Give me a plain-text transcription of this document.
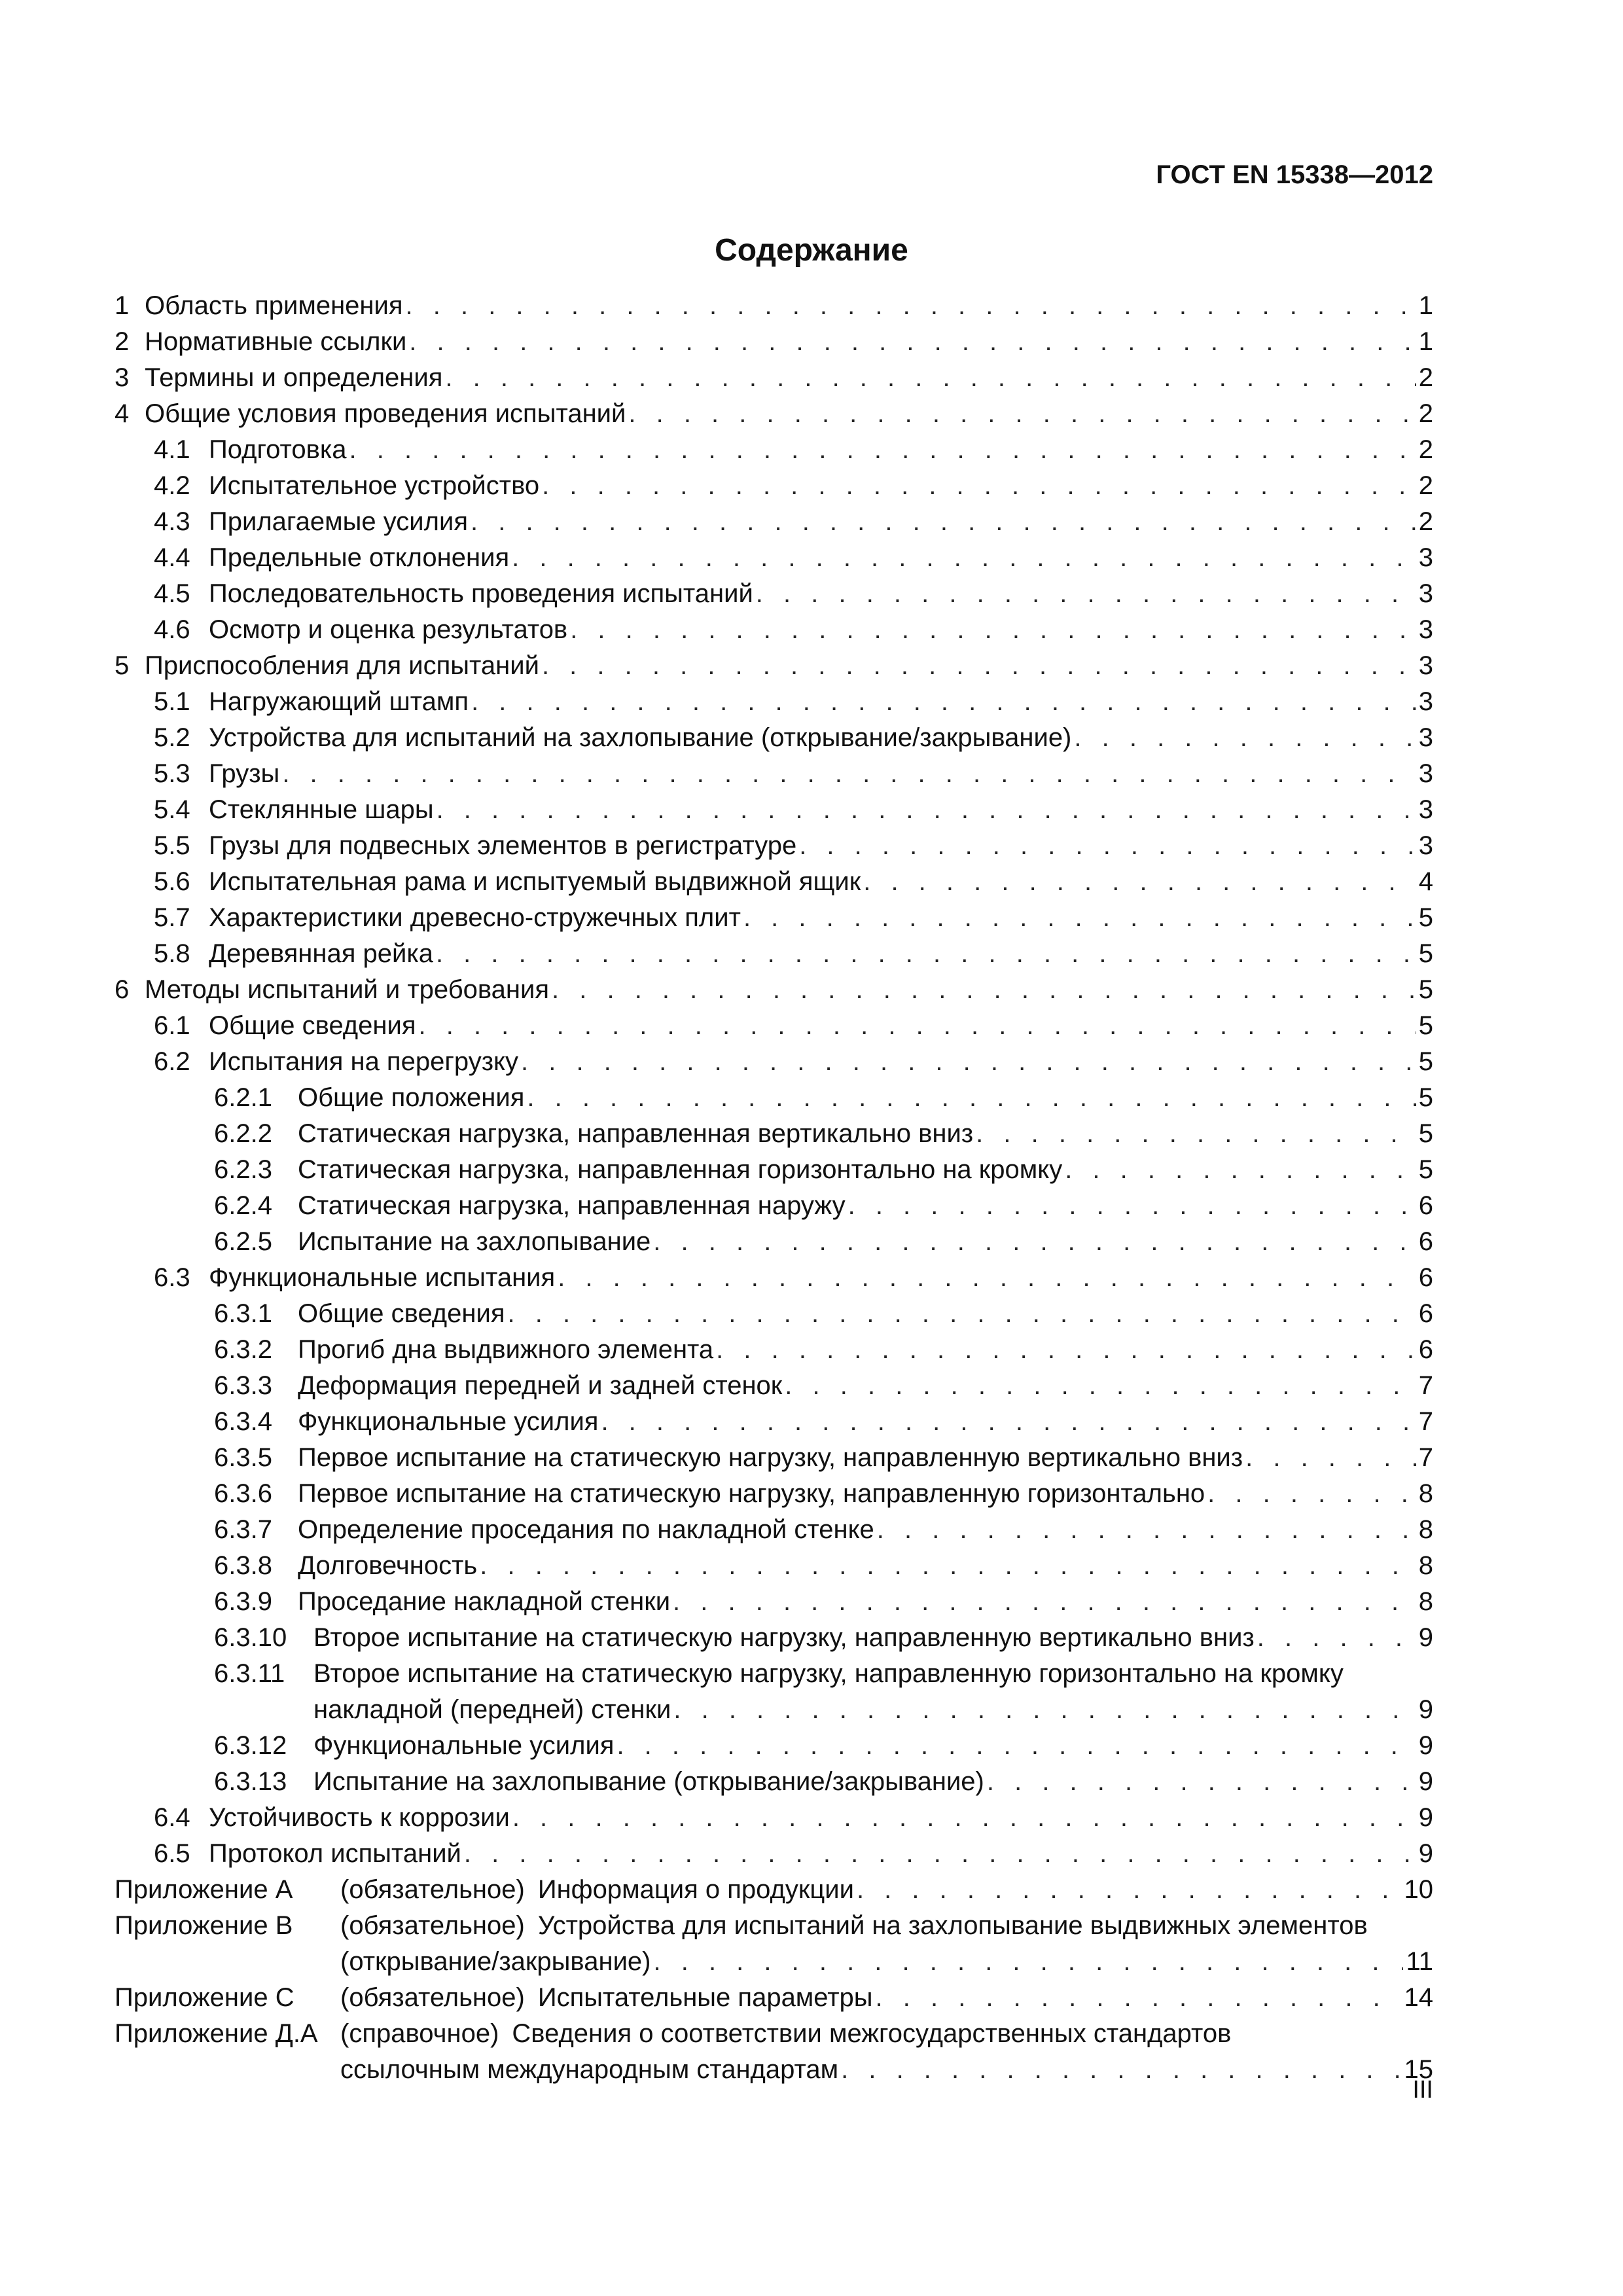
ГОСТ EN 15338—2012
Содержание
1 Область применения . . .	1
2 Нормативные ссылки . . .	1
3 Термины и определения . . .	2
4 Общие условия проведения испытаний . . .	2
4.1 Подготовка . . .	2
4.2 Испытательное устройство . . .	2
4.3 Прилагаемые усилия . . .	2
4.4 Предельные отклонения . . .	3
4.5 Последовательность проведения испытаний . . .	3
4.6 Осмотр и оценка результатов . . .	3
5 Приспособления для испытаний . . .	3
5.1 Нагружающий штамп . . .	3
5.2 Устройства для испытаний на захлопывание (открывание/закрывание) . . .	3
5.3 Грузы . . .	3
5.4 Стеклянные шары . . .	3
5.5 Грузы для подвесных элементов в регистратуре . . .	3
5.6 Испытательная рама и испытуемый выдвижной ящик . . .	4
5.7 Характеристики древесно-стружечных плит . . .	5
5.8 Деревянная рейка . . .	5
6 Методы испытаний и требования . . .	5
6.1 Общие сведения . . .	5
6.2 Испытания на перегрузку . . .	5
6.2.1 Общие положения . . .	5
6.2.2 Статическая нагрузка, направленная вертикально вниз . . .	5
6.2.3 Статическая нагрузка, направленная горизонтально на кромку . . .	5
6.2.4 Статическая нагрузка, направленная наружу . . .	6
6.2.5 Испытание на захлопывание . . .	6
6.3 Функциональные испытания . . .	6
6.3.1 Общие сведения . . .	6
6.3.2 Прогиб дна выдвижного элемента . . .	6
6.3.3 Деформация передней и задней стенок . . .	7
6.3.4 Функциональные усилия . . .	7
6.3.5 Первое испытание на статическую нагрузку, направленную вертикально вниз . . .	7
6.3.6 Первое испытание на статическую нагрузку, направленную горизонтально . . .	8
6.3.7 Определение проседания по накладной стенке . . .	8
6.3.8 Долговечность . . .	8
6.3.9 Проседание накладной стенки . . .	8
6.3.10	Второе испытание на статическую нагрузку, направленную вертикально вниз . . .	9
6.3.11	Второе испытание на статическую нагрузку, направленную горизонтально на кромку
накладной (передней) стенки . . .	9
6.3.12	Функциональные усилия . . .	9
6.3.13	Испытание на захлопывание (открывание/закрывание) . . .	9
6.4 Устойчивость к коррозии . . .	9
6.5 Протокол испытаний . . .	9
Приложение А	(обязательное) Информация о продукции . . .	10
Приложение В	(обязательное) Устройства для испытаний на захлопывание выдвижных элементов
(открывание/закрывание) . . .	11
Приложение С	(обязательное) Испытательные параметры . . .	14
Приложение Д.А (справочное) Сведения о соответствии межгосударственных стандартов
ссылочным международным стандартам . . .	15
III
